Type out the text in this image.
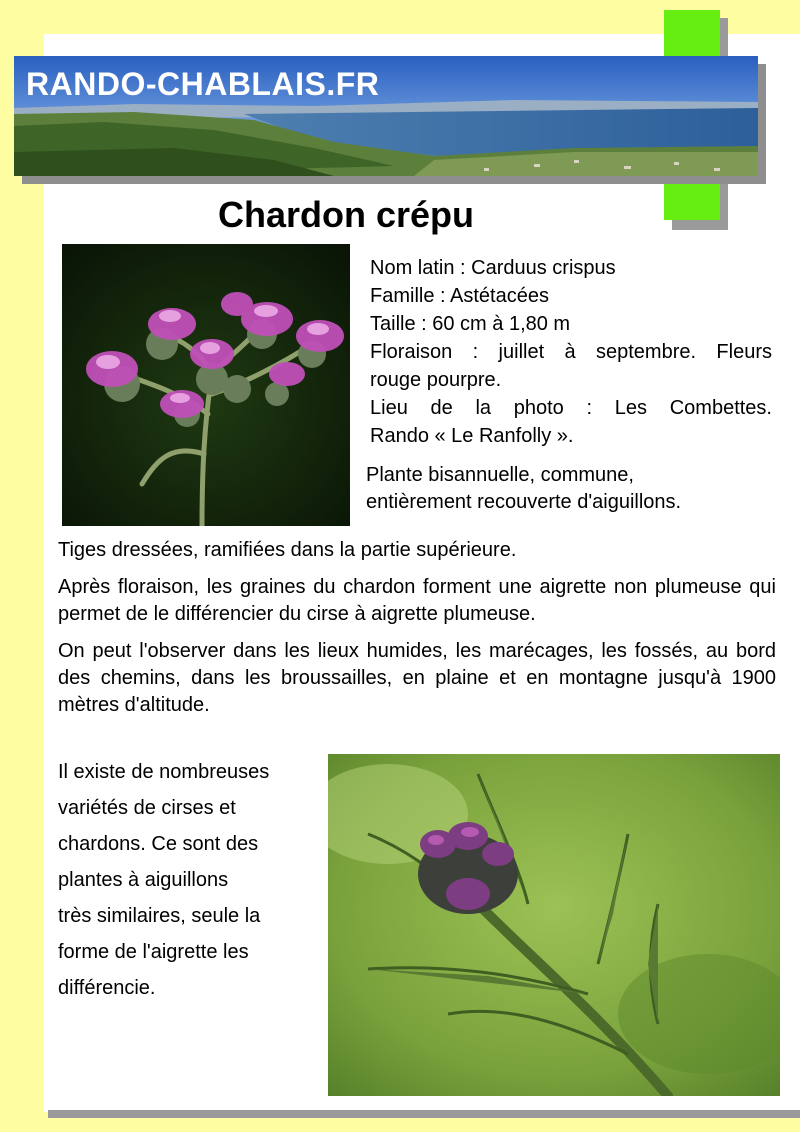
RANDO-CHABLAIS.FR
Chardon crépu
Nom latin : Carduus crispus
Famille : Astétacées
Taille : 60 cm à 1,80 m
Floraison : juillet à septembre. Fleurs
rouge pourpre.
Lieu de la photo : Les Combettes.
Rando « Le Ranfolly ».
Plante bisannuelle, commune,
entièrement recouverte d'aiguillons.

Tiges dressées, ramifiées dans la partie supérieure.

Après floraison, les graines du chardon forment une aigrette non plumeuse qui permet de le différencier du cirse à aigrette plumeuse.

On peut l'observer dans les lieux humides, les marécages, les fossés, au bord des chemins, dans les broussailles, en plaine et en montagne jusqu'à 1900 mètres d'altitude.

Il existe de nombreuses
variétés de cirses et
chardons. Ce sont des
plantes à aiguillons
très similaires, seule la
forme de l'aigrette les
différencie.
